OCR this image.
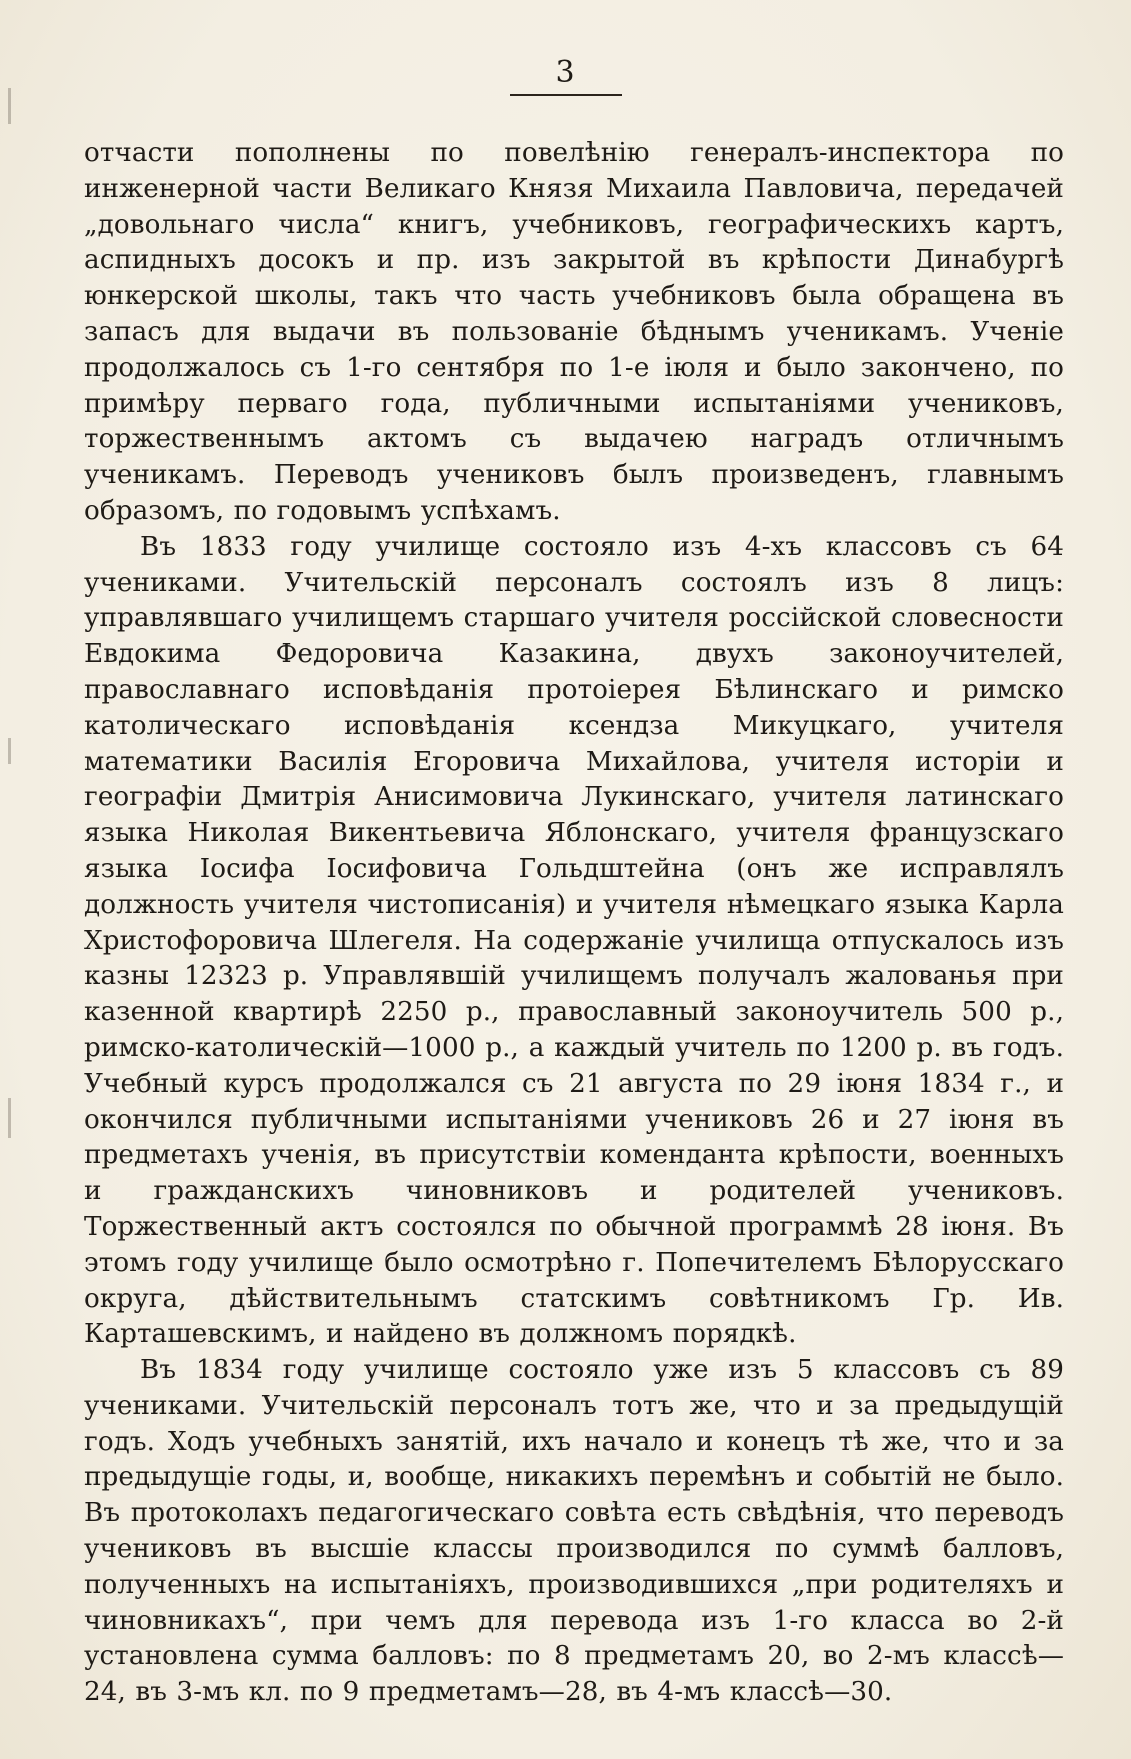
3

отчасти пополнены по повелѣнію генералъ-инспектора по инженерной части Великаго Князя Михаила Павловича, передачей „довольнаго числа“ книгъ, учебниковъ, географическихъ картъ, аспидныхъ досокъ и пр. изъ закрытой въ крѣпости Динабургѣ юнкерской школы, такъ что часть учебниковъ была обращена въ запасъ для выдачи въ пользованіе бѣднымъ ученикамъ. Ученіе продолжалось съ 1-го сентября по 1-е іюля и было закончено, по примѣру перваго года, публичными испытаніями учениковъ, торжественнымъ актомъ съ выдачею наградъ отличнымъ ученикамъ. Переводъ учениковъ былъ произведенъ, главнымъ образомъ, по годовымъ успѣхамъ.

Въ 1833 году училище состояло изъ 4-хъ классовъ съ 64 учениками. Учительскій персоналъ состоялъ изъ 8 лицъ: управлявшаго училищемъ старшаго учителя россійской словесности Евдокима Федоровича Казакина, двухъ законоучителей, православнаго исповѣданія протоіерея Бѣлинскаго и римско католическаго исповѣданія ксендза Микуцкаго, учителя математики Василія Егоровича Михайлова, учителя исторіи и географіи Дмитрія Анисимовича Лукинскаго, учителя латинскаго языка Николая Викентьевича Яблонскаго, учителя французскаго языка Іосифа Іосифовича Гольдштейна (онъ же исправлялъ должность учителя чистописанія) и учителя нѣмецкаго языка Карла Христофоровича Шлегеля. На содержаніе училища отпускалось изъ казны 12323 р. Управлявшій училищемъ получалъ жалованья при казенной квартирѣ 2250 р., православный законоучитель 500 р., римско-католическій—1000 р., а каждый учитель по 1200 р. въ годъ. Учебный курсъ продолжался съ 21 августа по 29 іюня 1834 г., и окончился публичными испытаніями учениковъ 26 и 27 іюня въ предметахъ ученія, въ присутствіи коменданта крѣпости, военныхъ и гражданскихъ чиновниковъ и родителей учениковъ. Торжественный актъ состоялся по обычной программѣ 28 іюня. Въ этомъ году училище было осмотрѣно г. Попечителемъ Бѣлорусскаго округа, дѣйствительнымъ статскимъ совѣтникомъ Гр. Ив. Карташевскимъ, и найдено въ должномъ порядкѣ.

Въ 1834 году училище состояло уже изъ 5 классовъ съ 89 учениками. Учительскій персоналъ тотъ же, что и за предыдущій годъ. Ходъ учебныхъ занятій, ихъ начало и конецъ тѣ же, что и за предыдущіе годы, и, вообще, никакихъ перемѣнъ и событій не было. Въ протоколахъ педагогическаго совѣта есть свѣдѣнія, что переводъ учениковъ въ высшіе классы производился по суммѣ балловъ, полученныхъ на испытаніяхъ, производившихся „при родителяхъ и чиновникахъ“, при чемъ для перевода изъ 1-го класса во 2-й установлена сумма балловъ: по 8 предметамъ 20, во 2-мъ классѣ—24, въ 3-мъ кл. по 9 предметамъ—28, въ 4-мъ классѣ—30.
